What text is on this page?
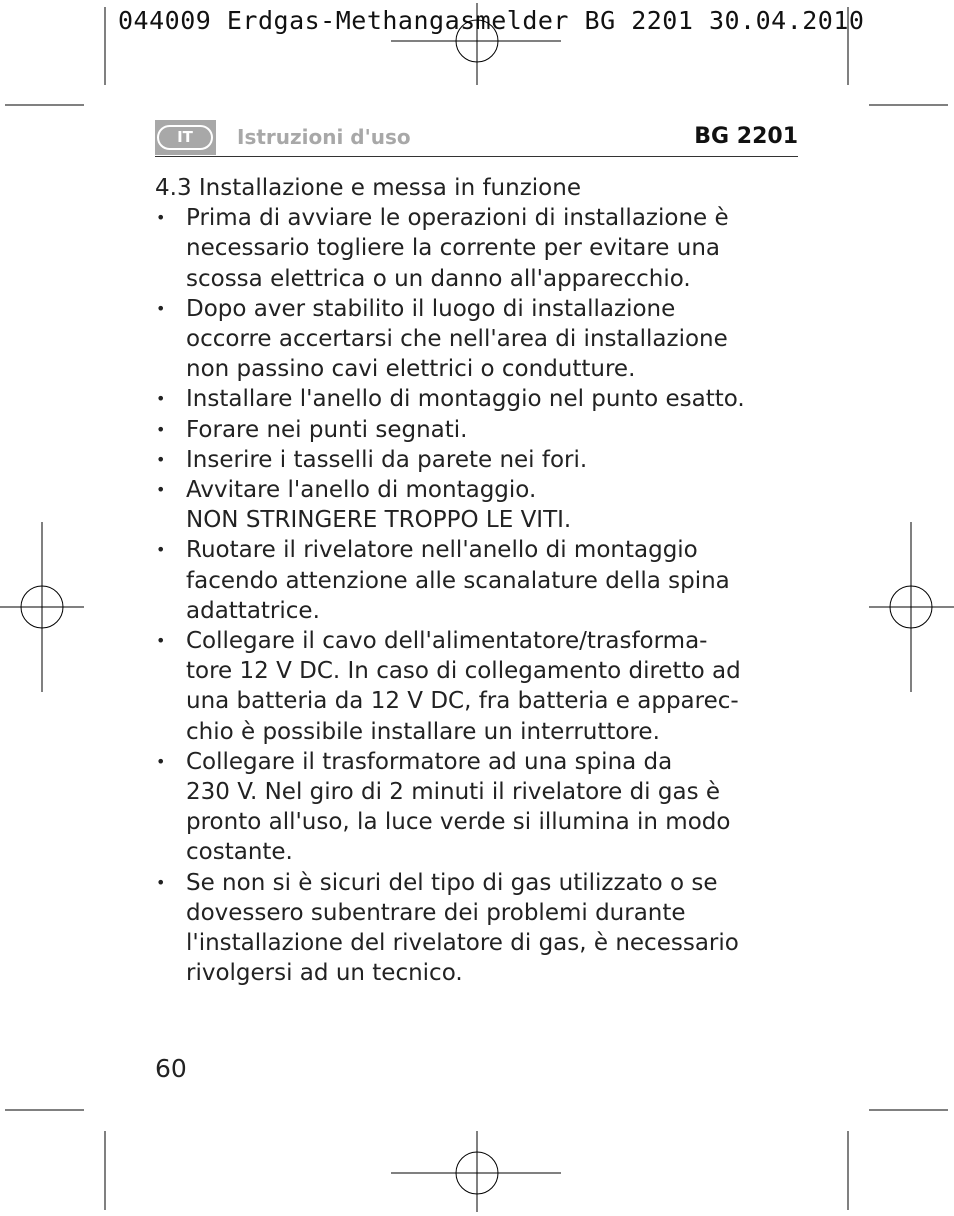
044009 Erdgas-Methangasmelder BG 2201 30.04.2010
IT	Istruzioni d'uso	BG 2201
4.3 Installazione e messa in funzione
• Prima di avviare le operazioni di installazione è
necessario togliere la corrente per evitare una
scossa elettrica o un danno all'apparecchio.
• Dopo aver stabilito il luogo di installazione
occorre accertarsi che nell'area di installazione
non passino cavi elettrici o condutture.
• Installare l'anello di montaggio nel punto esatto.
• Forare nei punti segnati.
• Inserire i tasselli da parete nei fori.
• Avvitare l'anello di montaggio.
NON STRINGERE TROPPO LE VITI.
• Ruotare il rivelatore nell'anello di montaggio
facendo attenzione alle scanalature della spina
adattatrice.
• Collegare il cavo dell'alimentatore/trasforma-
tore 12 V DC. In caso di collegamento diretto ad
una batteria da 12 V DC, fra batteria e apparec-
chio è possibile installare un interruttore.
• Collegare il trasformatore ad una spina da
230 V. Nel giro di 2 minuti il rivelatore di gas è
pronto all'uso, la luce verde si illumina in modo
costante.
• Se non si è sicuri del tipo di gas utilizzato o se
dovessero subentrare dei problemi durante
l'installazione del rivelatore di gas, è necessario
rivolgersi ad un tecnico.
60
